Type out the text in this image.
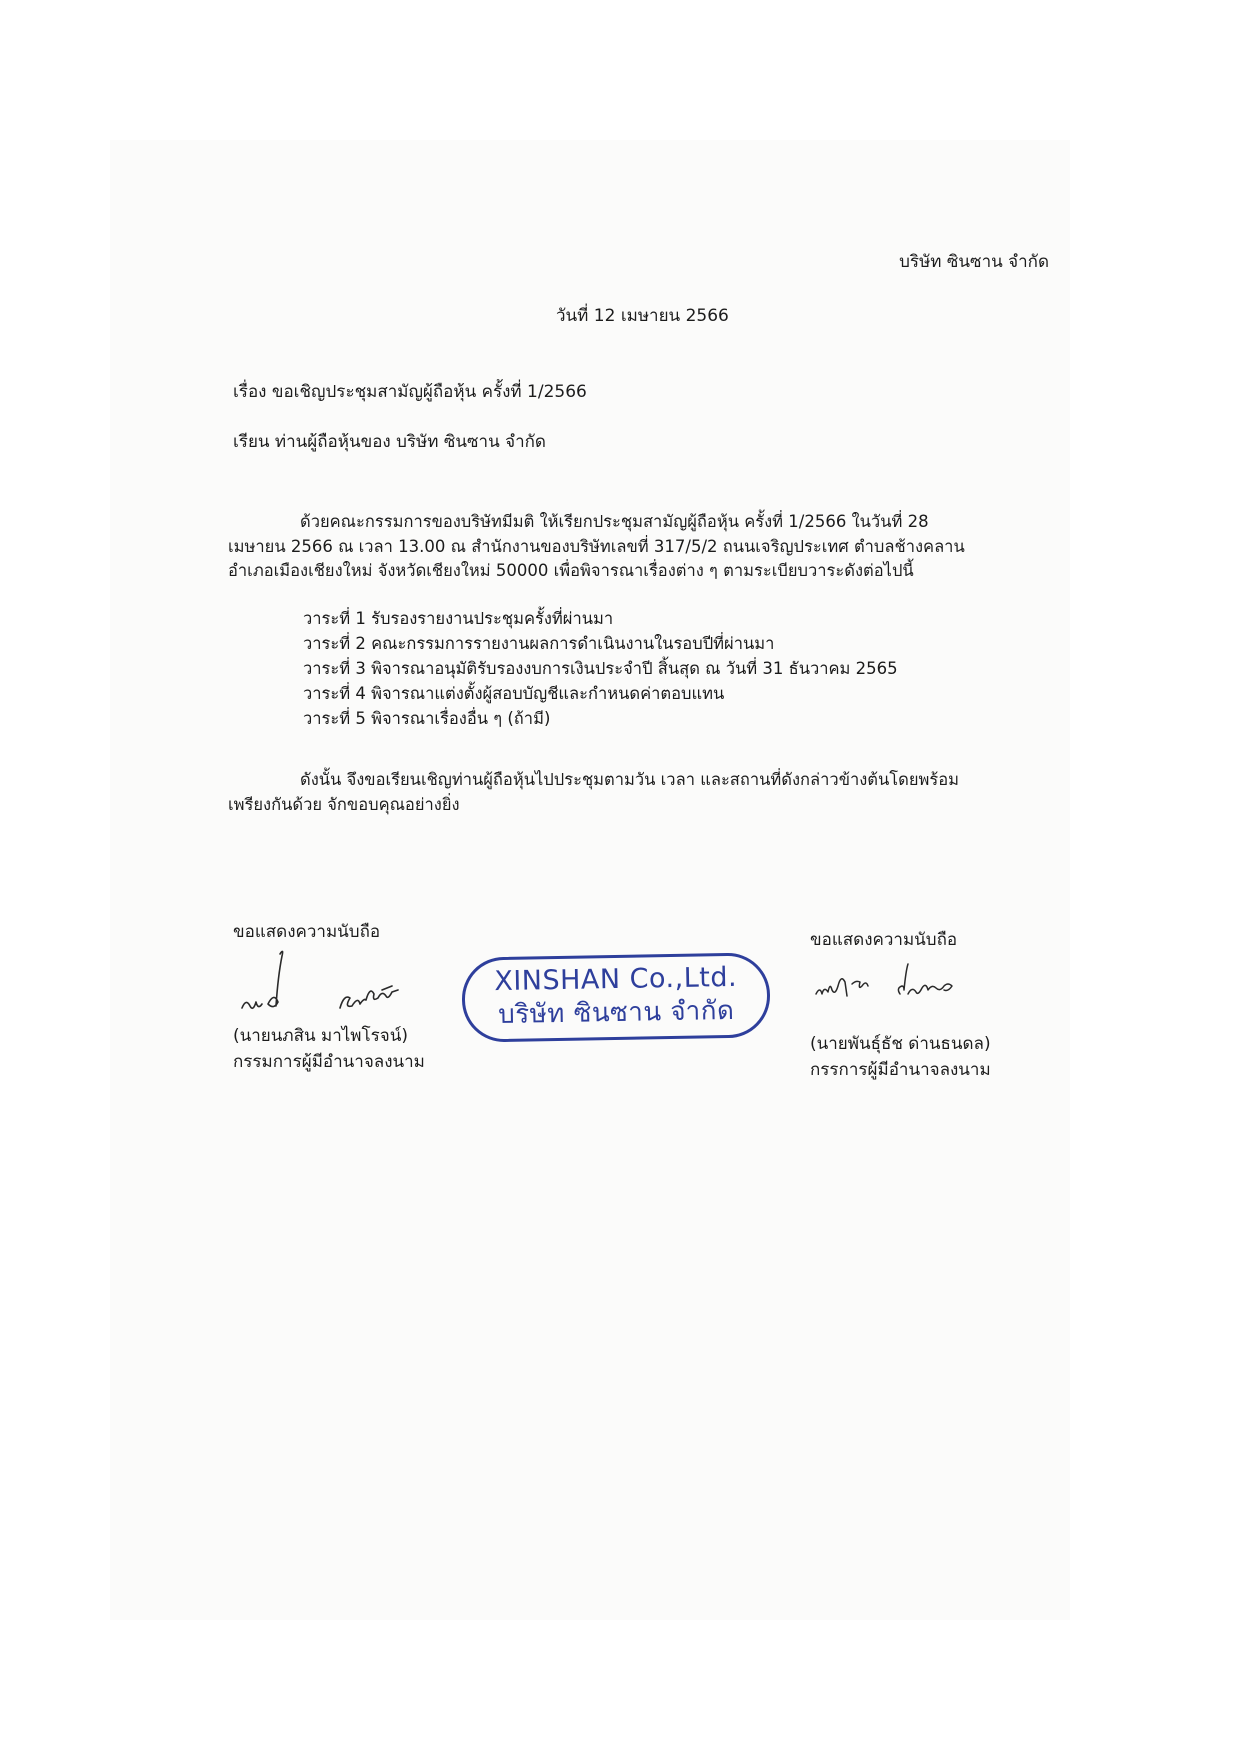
บริษัท ซินซาน จำกัด
วันที่ 12 เมษายน 2566
เรื่อง ขอเชิญประชุมสามัญผู้ถือหุ้น ครั้งที่ 1/2566
เรียน ท่านผู้ถือหุ้นของ บริษัท ซินซาน จำกัด
ด้วยคณะกรรมการของบริษัทมีมติ ให้เรียกประชุมสามัญผู้ถือหุ้น ครั้งที่ 1/2566 ในวันที่ 28
เมษายน 2566 ณ เวลา 13.00 ณ สำนักงานของบริษัทเลขที่ 317/5/2 ถนนเจริญประเทศ ตำบลช้างคลาน
อำเภอเมืองเชียงใหม่ จังหวัดเชียงใหม่ 50000 เพื่อพิจารณาเรื่องต่าง ๆ ตามระเบียบวาระดังต่อไปนี้
วาระที่ 1 รับรองรายงานประชุมครั้งที่ผ่านมา
วาระที่ 2 คณะกรรมการรายงานผลการดำเนินงานในรอบปีที่ผ่านมา
วาระที่ 3 พิจารณาอนุมัติรับรองงบการเงินประจำปี สิ้นสุด ณ วันที่ 31 ธันวาคม 2565
วาระที่ 4 พิจารณาแต่งตั้งผู้สอบบัญชีและกำหนดค่าตอบแทน
วาระที่ 5 พิจารณาเรื่องอื่น ๆ (ถ้ามี)
ดังนั้น จึงขอเรียนเชิญท่านผู้ถือหุ้นไปประชุมตามวัน เวลา และสถานที่ดังกล่าวข้างต้นโดยพร้อม
เพรียงกันด้วย จักขอบคุณอย่างยิ่ง
ขอแสดงความนับถือ
(นายนภสิน มาไพโรจน์)
กรรมการผู้มีอำนาจลงนาม
XINSHAN Co.,Ltd.
บริษัท ซินซาน จำกัด
ขอแสดงความนับถือ
(นายพันธุ์ธัช ด่านธนดล)
กรรการผู้มีอำนาจลงนาม
